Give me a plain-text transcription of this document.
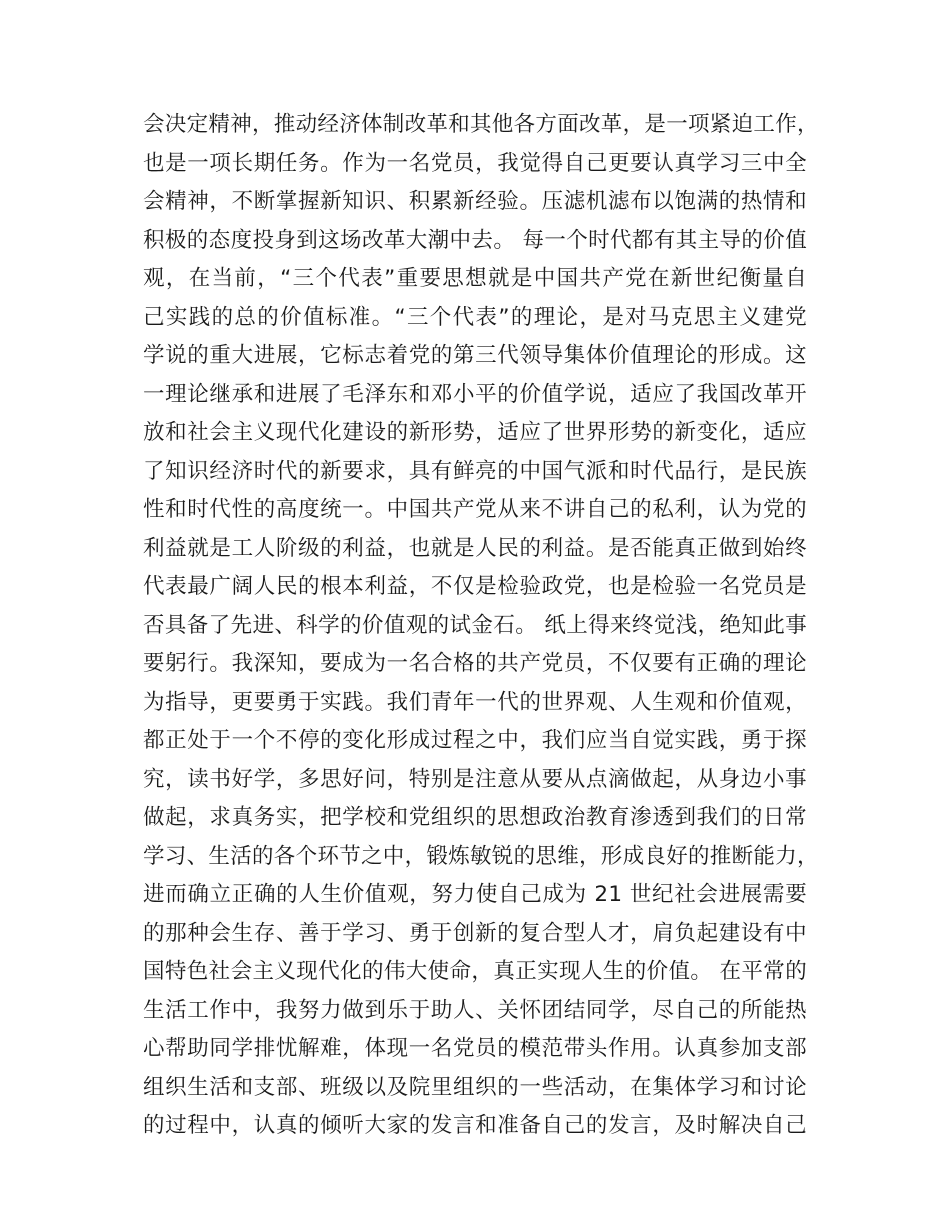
会决定精神，推动经济体制改革和其他各方面改革，是一项紧迫工作，
也是一项长期任务。作为一名党员，我觉得自己更要认真学习三中全
会精神，不断掌握新知识、积累新经验。压滤机滤布以饱满的热情和
积极的态度投身到这场改革大潮中去。 每一个时代都有其主导的价值
观，在当前，“三个代表”重要思想就是中国共产党在新世纪衡量自
己实践的总的价值标准。“三个代表”的理论，是对马克思主义建党
学说的重大进展，它标志着党的第三代领导集体价值理论的形成。这
一理论继承和进展了毛泽东和邓小平的价值学说，适应了我国改革开
放和社会主义现代化建设的新形势，适应了世界形势的新变化，适应
了知识经济时代的新要求，具有鲜亮的中国气派和时代品行，是民族
性和时代性的高度统一。中国共产党从来不讲自己的私利，认为党的
利益就是工人阶级的利益，也就是人民的利益。是否能真正做到始终
代表最广阔人民的根本利益，不仅是检验政党，也是检验一名党员是
否具备了先进、科学的价值观的试金石。 纸上得来终觉浅，绝知此事
要躬行。我深知，要成为一名合格的共产党员，不仅要有正确的理论
为指导，更要勇于实践。我们青年一代的世界观、人生观和价值观，
都正处于一个不停的变化形成过程之中，我们应当自觉实践，勇于探
究，读书好学，多思好问，特别是注意从要从点滴做起，从身边小事
做起，求真务实，把学校和党组织的思想政治教育渗透到我们的日常
学习、生活的各个环节之中，锻炼敏锐的思维，形成良好的推断能力，
进而确立正确的人生价值观，努力使自己成为 21 世纪社会进展需要
的那种会生存、善于学习、勇于创新的复合型人才，肩负起建设有中
国特色社会主义现代化的伟大使命，真正实现人生的价值。 在平常的
生活工作中，我努力做到乐于助人、关怀团结同学，尽自己的所能热
心帮助同学排忧解难，体现一名党员的模范带头作用。认真参加支部
组织生活和支部、班级以及院里组织的一些活动，在集体学习和讨论
的过程中，认真的倾听大家的发言和准备自己的发言，及时解决自己
